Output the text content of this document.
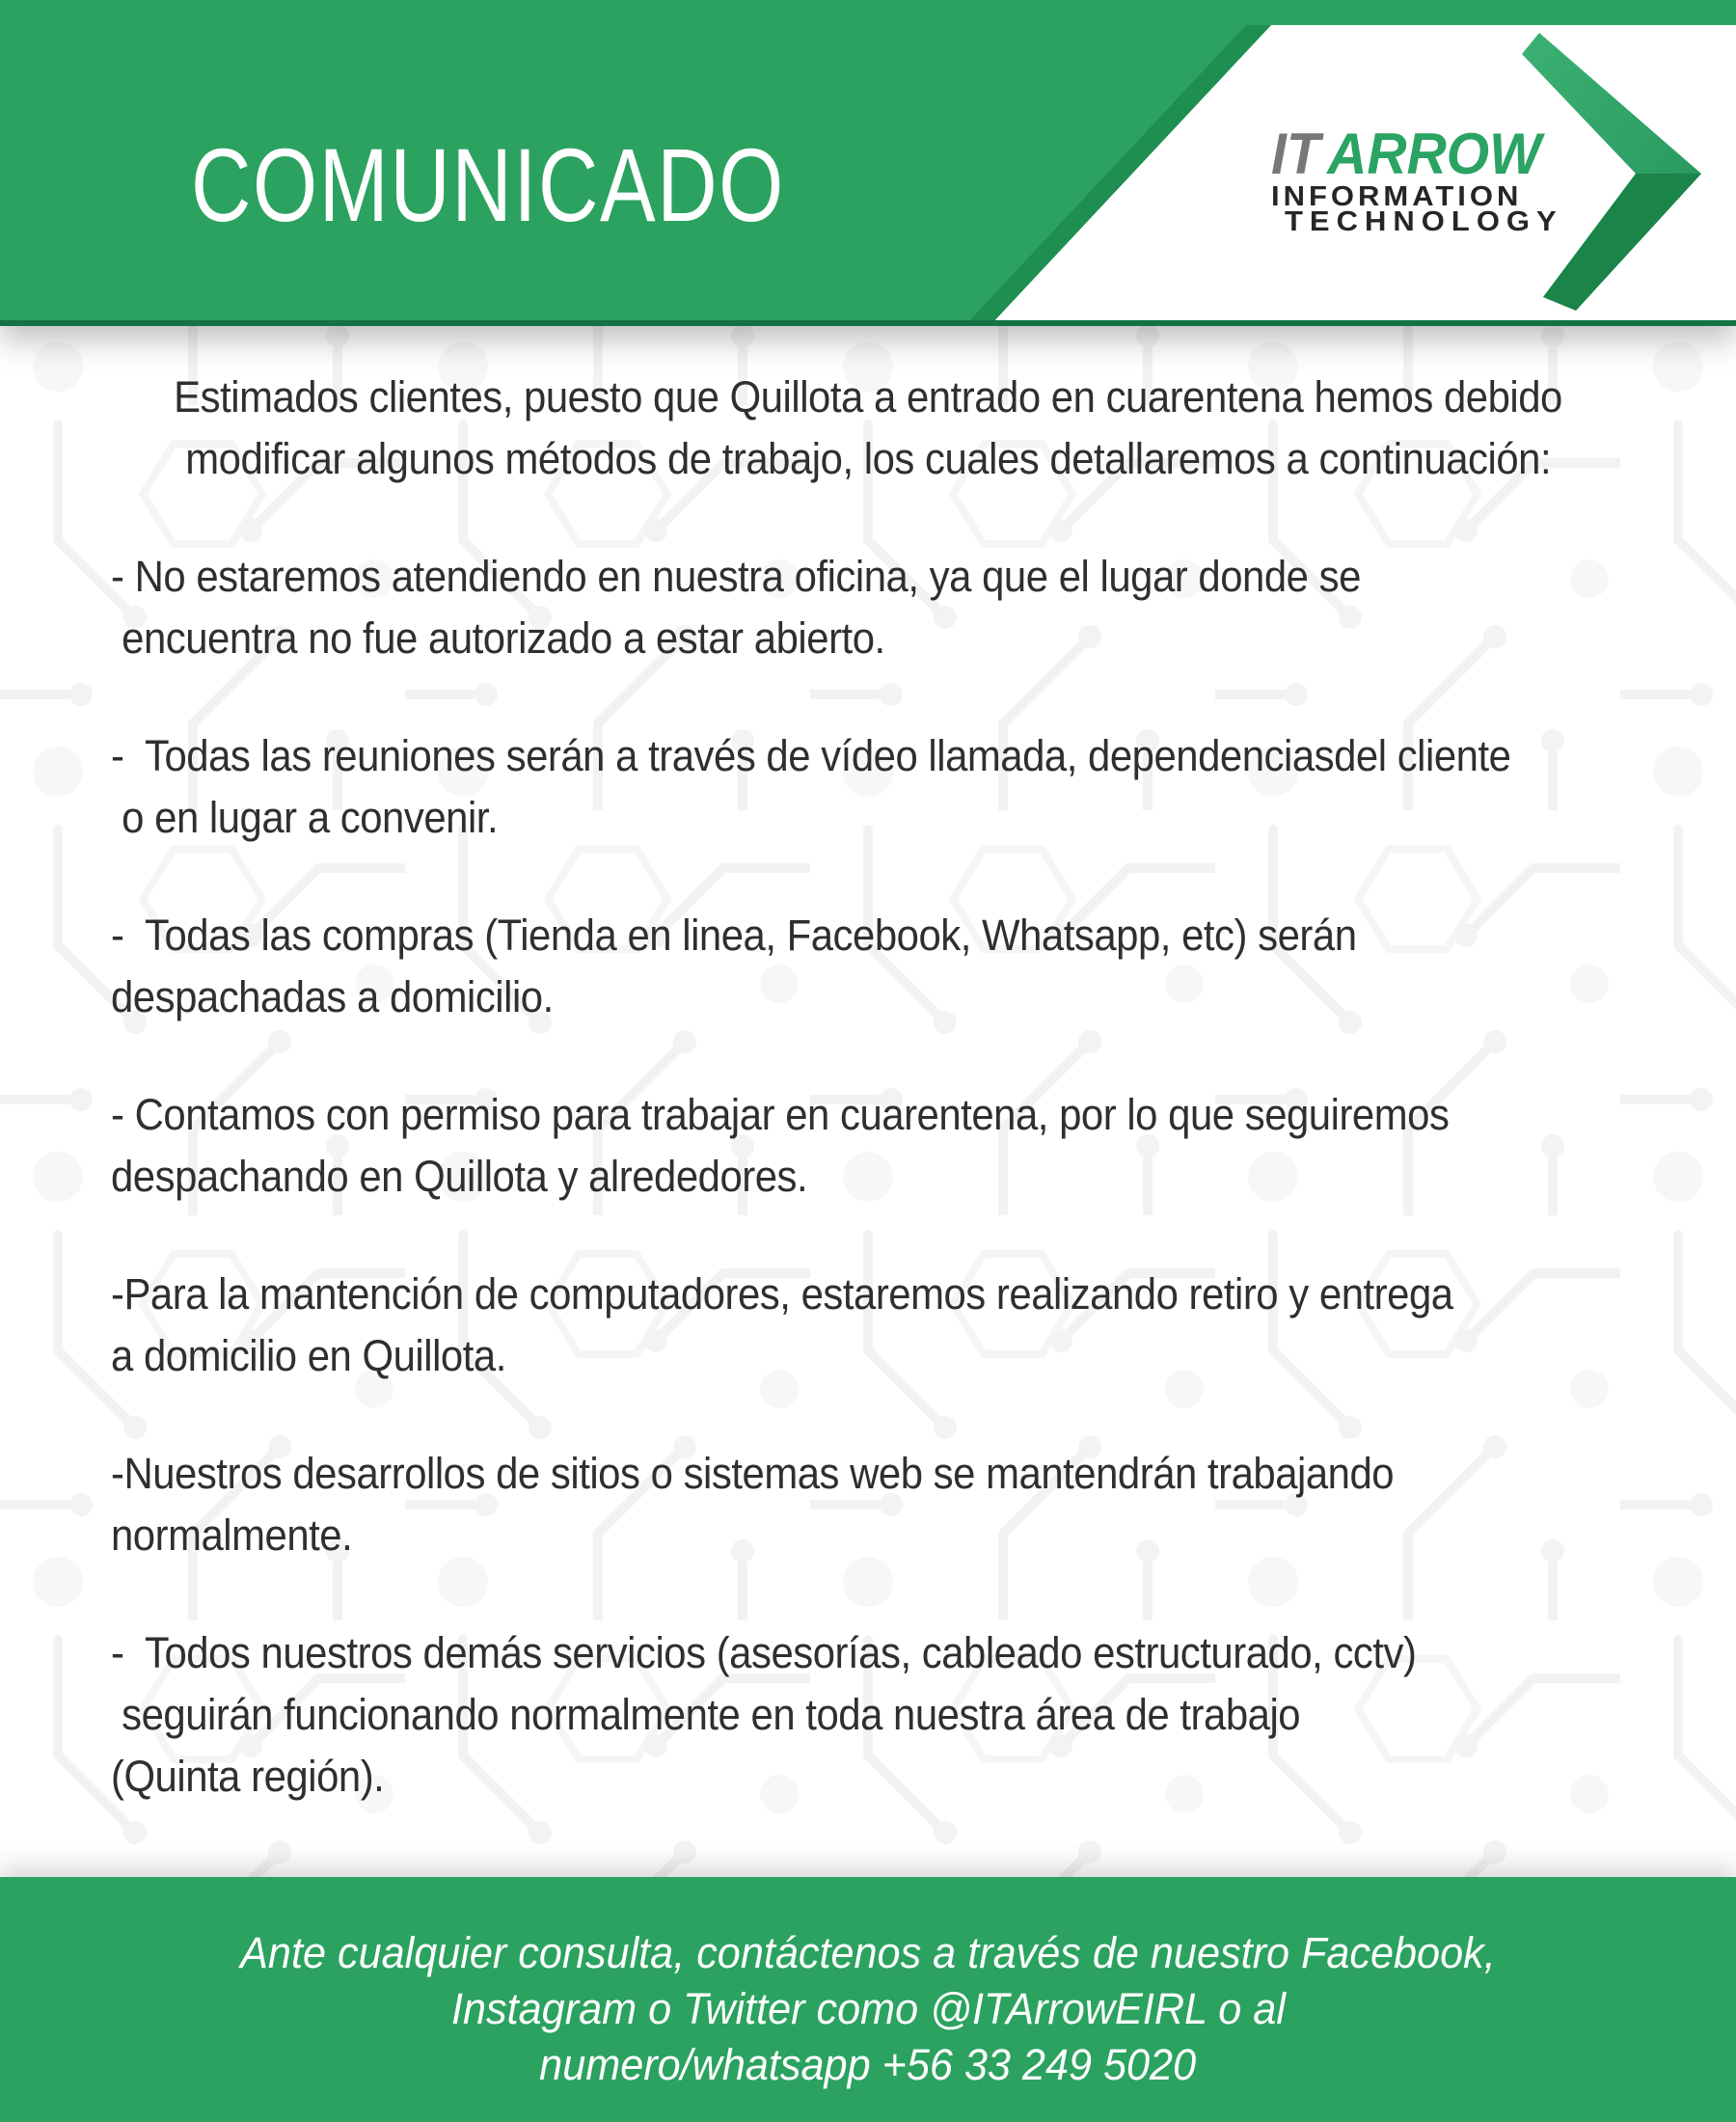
COMUNICADO	IT ARROW
INFORMATION
TECHNOLOGY
Estimados clientes, puesto que Quillota a entrado en cuarentena hemos debido
modificar algunos métodos de trabajo, los cuales detallaremos a continuación:
- No estaremos atendiendo en nuestra oficina, ya que el lugar donde se
encuentra no fue autorizado a estar abierto.
-  Todas las reuniones serán a través de vídeo llamada, dependenciasdel cliente
o en lugar a convenir.
-  Todas las compras (Tienda en linea, Facebook, Whatsapp, etc) serán
despachadas a domicilio.
- Contamos con permiso para trabajar en cuarentena, por lo que seguiremos
despachando en Quillota y alrededores.
-Para la mantención de computadores, estaremos realizando retiro y entrega
a domicilio en Quillota.
-Nuestros desarrollos de sitios o sistemas web se mantendrán trabajando
normalmente.
-  Todos nuestros demás servicios (asesorías, cableado estructurado, cctv)
seguirán funcionando normalmente en toda nuestra área de trabajo
(Quinta región).
Ante cualquier consulta, contáctenos a través de nuestro Facebook,
Instagram o Twitter como @ITArrowEIRL o al
numero/whatsapp +56 33 249 5020
